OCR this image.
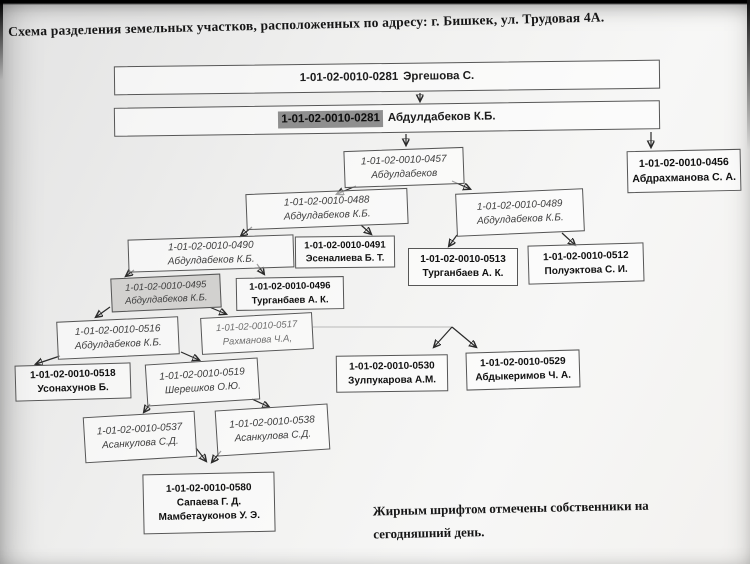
Схема разделения земельных участков, расположенных по адресу: г. Бишкек, ул. Трудовая 4А.
1-01-02-0010-0281 Эргешова С.
1-01-02-0010-0281 Абдулдабеков К.Б.
1-01-02-0010-0457
Абдулдабеков
1-01-02-0010-0456
Абдрахманова С. А.
1-01-02-0010-0488
Абдулдабеков К.Б.
1-01-02-0010-0489
Абдулдабеков К.Б.
1-01-02-0010-0490
Абдулдабеков К.Б.
1-01-02-0010-0491
Эсеналиева Б. Т.	1-01-02-0010-0513
Турганбаев А. К.
1-01-02-0010-0512
Полуэктова С. И.
1-01-02-0010-0495
Абдулдабеков К.Б.
1-01-02-0010-0496
Турганбаев А. К.
1-01-02-0010-0516
Абдулдабеков К.Б.
1-01-02-0010-0517
Рахманова Ч.А,
1-01-02-0010-0518
Усонахунов Б.
1-01-02-0010-0519
Шерешков О.Ю.
1-01-02-0010-0530
Зулпукарова А.М.
1-01-02-0010-0529
Абдыкеримов Ч. А.
1-01-02-0010-0537
Асанкулова С.Д.
1-01-02-0010-0538
Асанкулова С.Д.
1-01-02-0010-0580
Сапаева Г. Д.
Мамбетауконов У. Э.	Жирным шрифтом отмечены собственники на сегодняшний день.
